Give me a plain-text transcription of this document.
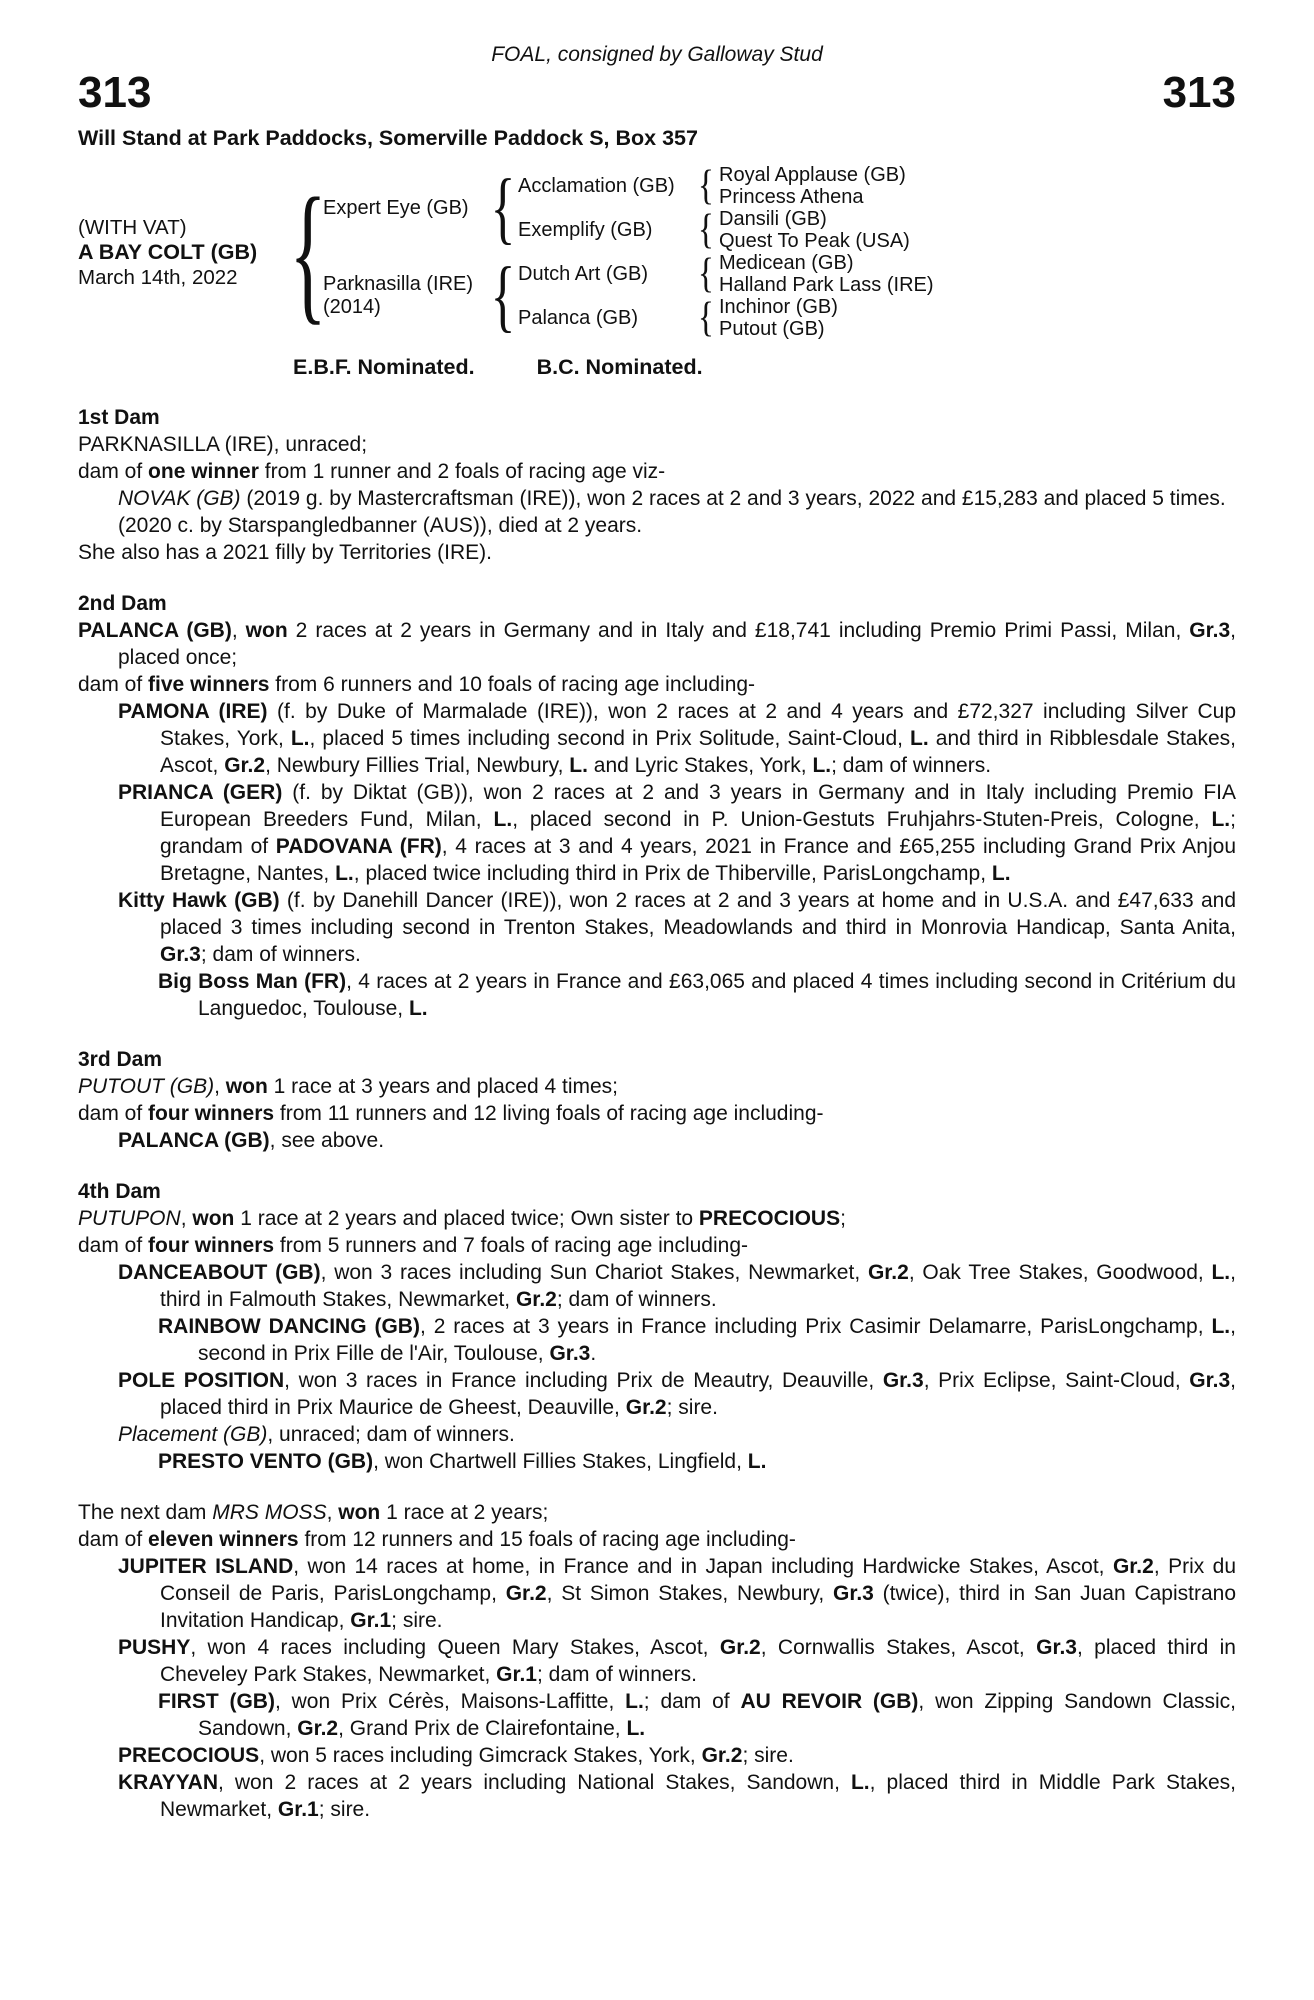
FOAL, consigned by Galloway Stud
313	313
Will Stand at Park Paddocks, Somerville Paddock S, Box 357
(WITH VAT)
A BAY COLT (GB)
March 14th, 2022 {
Expert Eye (GB)
Parknasilla (IRE)
(2014)
{
{
Acclamation (GB)
Exemplify (GB)
Dutch Art (GB)
Palanca (GB)
{
{
{
{
Royal Applause (GB)
Princess Athena
Dansili (GB)
Quest To Peak (USA)
Medicean (GB)
Halland Park Lass (IRE)
Inchinor (GB)
Putout (GB)
E.B.F. Nominated.	B.C. Nominated.
1st Dam
PARKNASILLA (IRE), unraced;
dam of one winner from 1 runner and 2 foals of racing age viz-
NOVAK (GB) (2019 g. by Mastercraftsman (IRE)), won 2 races at 2 and 3 years, 2022 and £15,283 and placed 5 times.
(2020 c. by Starspangledbanner (AUS)), died at 2 years.
She also has a 2021 filly by Territories (IRE).
2nd Dam
PALANCA (GB), won 2 races at 2 years in Germany and in Italy and £18,741 including Premio Primi Passi, Milan, Gr.3, placed once;
dam of five winners from 6 runners and 10 foals of racing age including-
PAMONA (IRE) (f. by Duke of Marmalade (IRE)), won 2 races at 2 and 4 years and £72,327 including Silver Cup Stakes, York, L., placed 5 times including second in Prix Solitude, Saint-Cloud, L. and third in Ribblesdale Stakes, Ascot, Gr.2, Newbury Fillies Trial, Newbury, L. and Lyric Stakes, York, L.; dam of winners.
PRIANCA (GER) (f. by Diktat (GB)), won 2 races at 2 and 3 years in Germany and in Italy including Premio FIA European Breeders Fund, Milan, L., placed second in P. Union-Gestuts Fruhjahrs-Stuten-Preis, Cologne, L.; grandam of PADOVANA (FR), 4 races at 3 and 4 years, 2021 in France and £65,255 including Grand Prix Anjou Bretagne, Nantes, L., placed twice including third in Prix de Thiberville, ParisLongchamp, L.
Kitty Hawk (GB) (f. by Danehill Dancer (IRE)), won 2 races at 2 and 3 years at home and in U.S.A. and £47,633 and placed 3 times including second in Trenton Stakes, Meadowlands and third in Monrovia Handicap, Santa Anita, Gr.3; dam of winners.
Big Boss Man (FR), 4 races at 2 years in France and £63,065 and placed 4 times including second in Critérium du Languedoc, Toulouse, L.
3rd Dam
PUTOUT (GB), won 1 race at 3 years and placed 4 times;
dam of four winners from 11 runners and 12 living foals of racing age including-
PALANCA (GB), see above.
4th Dam
PUTUPON, won 1 race at 2 years and placed twice; Own sister to PRECOCIOUS;
dam of four winners from 5 runners and 7 foals of racing age including-
DANCEABOUT (GB), won 3 races including Sun Chariot Stakes, Newmarket, Gr.2, Oak Tree Stakes, Goodwood, L., third in Falmouth Stakes, Newmarket, Gr.2; dam of winners.
RAINBOW DANCING (GB), 2 races at 3 years in France including Prix Casimir Delamarre, ParisLongchamp, L., second in Prix Fille de l'Air, Toulouse, Gr.3.
POLE POSITION, won 3 races in France including Prix de Meautry, Deauville, Gr.3, Prix Eclipse, Saint-Cloud, Gr.3, placed third in Prix Maurice de Gheest, Deauville, Gr.2; sire.
Placement (GB), unraced; dam of winners.
PRESTO VENTO (GB), won Chartwell Fillies Stakes, Lingfield, L.
The next dam MRS MOSS, won 1 race at 2 years;
dam of eleven winners from 12 runners and 15 foals of racing age including-
JUPITER ISLAND, won 14 races at home, in France and in Japan including Hardwicke Stakes, Ascot, Gr.2, Prix du Conseil de Paris, ParisLongchamp, Gr.2, St Simon Stakes, Newbury, Gr.3 (twice), third in San Juan Capistrano Invitation Handicap, Gr.1; sire.
PUSHY, won 4 races including Queen Mary Stakes, Ascot, Gr.2, Cornwallis Stakes, Ascot, Gr.3, placed third in Cheveley Park Stakes, Newmarket, Gr.1; dam of winners.
FIRST (GB), won Prix Cérès, Maisons-Laffitte, L.; dam of AU REVOIR (GB), won Zipping Sandown Classic, Sandown, Gr.2, Grand Prix de Clairefontaine, L.
PRECOCIOUS, won 5 races including Gimcrack Stakes, York, Gr.2; sire.
KRAYYAN, won 2 races at 2 years including National Stakes, Sandown, L., placed third in Middle Park Stakes, Newmarket, Gr.1; sire.
